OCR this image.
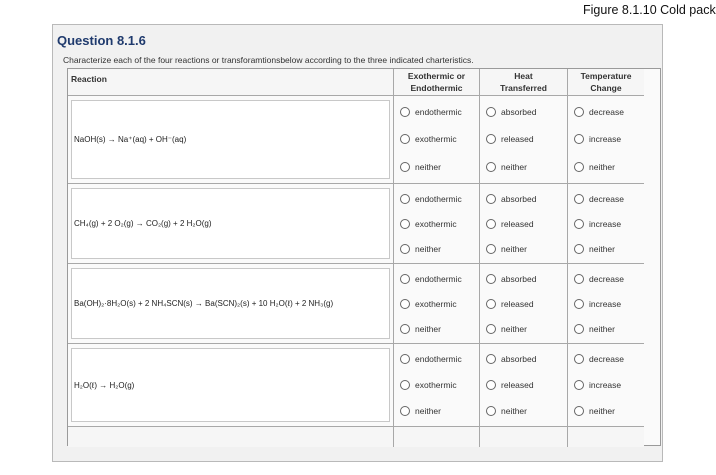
Figure 8.1.10 Cold pack
Question 8.1.6
Characterize each of the four reactions or transforamtionsbelow according to the three indicated charteristics.
Reaction	Exothermic or
Endothermic
Heat
Transferred
Temperature
Change
NaOH(s) → Na⁺(aq) + OH⁻(aq)
endothermic
exothermic
neither
absorbed
released
neither
decrease
increase
neither
CH₄(g) + 2 O₂(g) → CO₂(g) + 2 H₂O(g)
endothermic
exothermic
neither
absorbed
released
neither
decrease
increase
neither
Ba(OH)₂·8H₂O(s) + 2 NH₄SCN(s) → Ba(SCN)₂(s) + 10 H₂O(ℓ) + 2 NH₃(g)
endothermic
exothermic
neither
absorbed
released
neither
decrease
increase
neither
H₂O(ℓ) → H₂O(g)
endothermic
exothermic
neither
absorbed
released
neither
decrease
increase
neither
